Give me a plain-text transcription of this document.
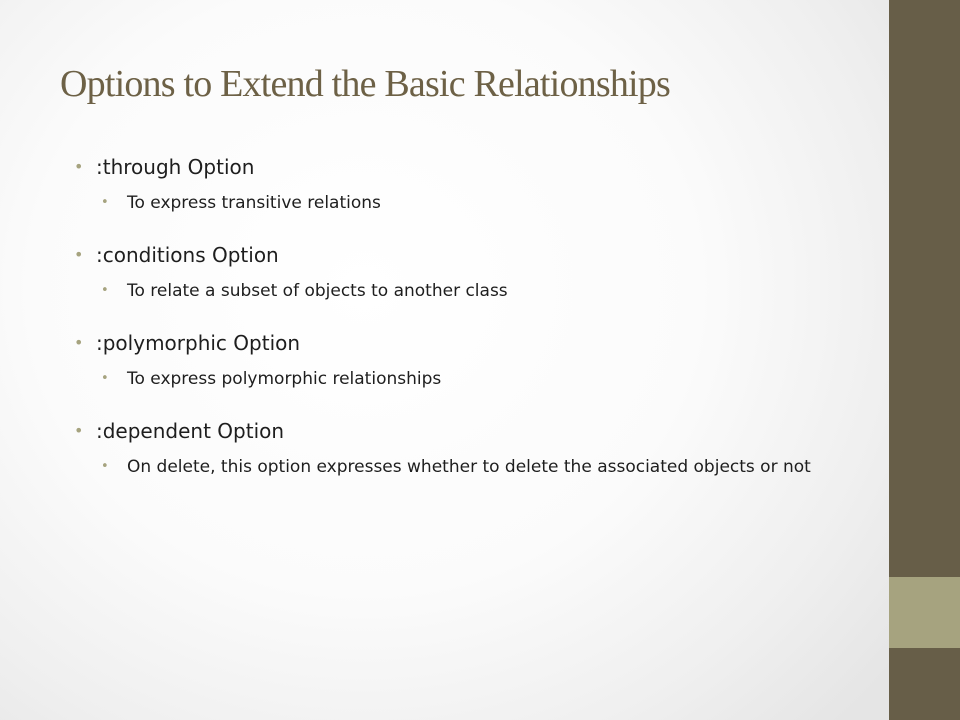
Options to Extend the Basic Relationships
• :through Option
• To express transitive relations
• :conditions Option
• To relate a subset of objects to another class
• :polymorphic Option
• To express polymorphic relationships
• :dependent Option
• On delete, this option expresses whether to delete the associated objects or not
